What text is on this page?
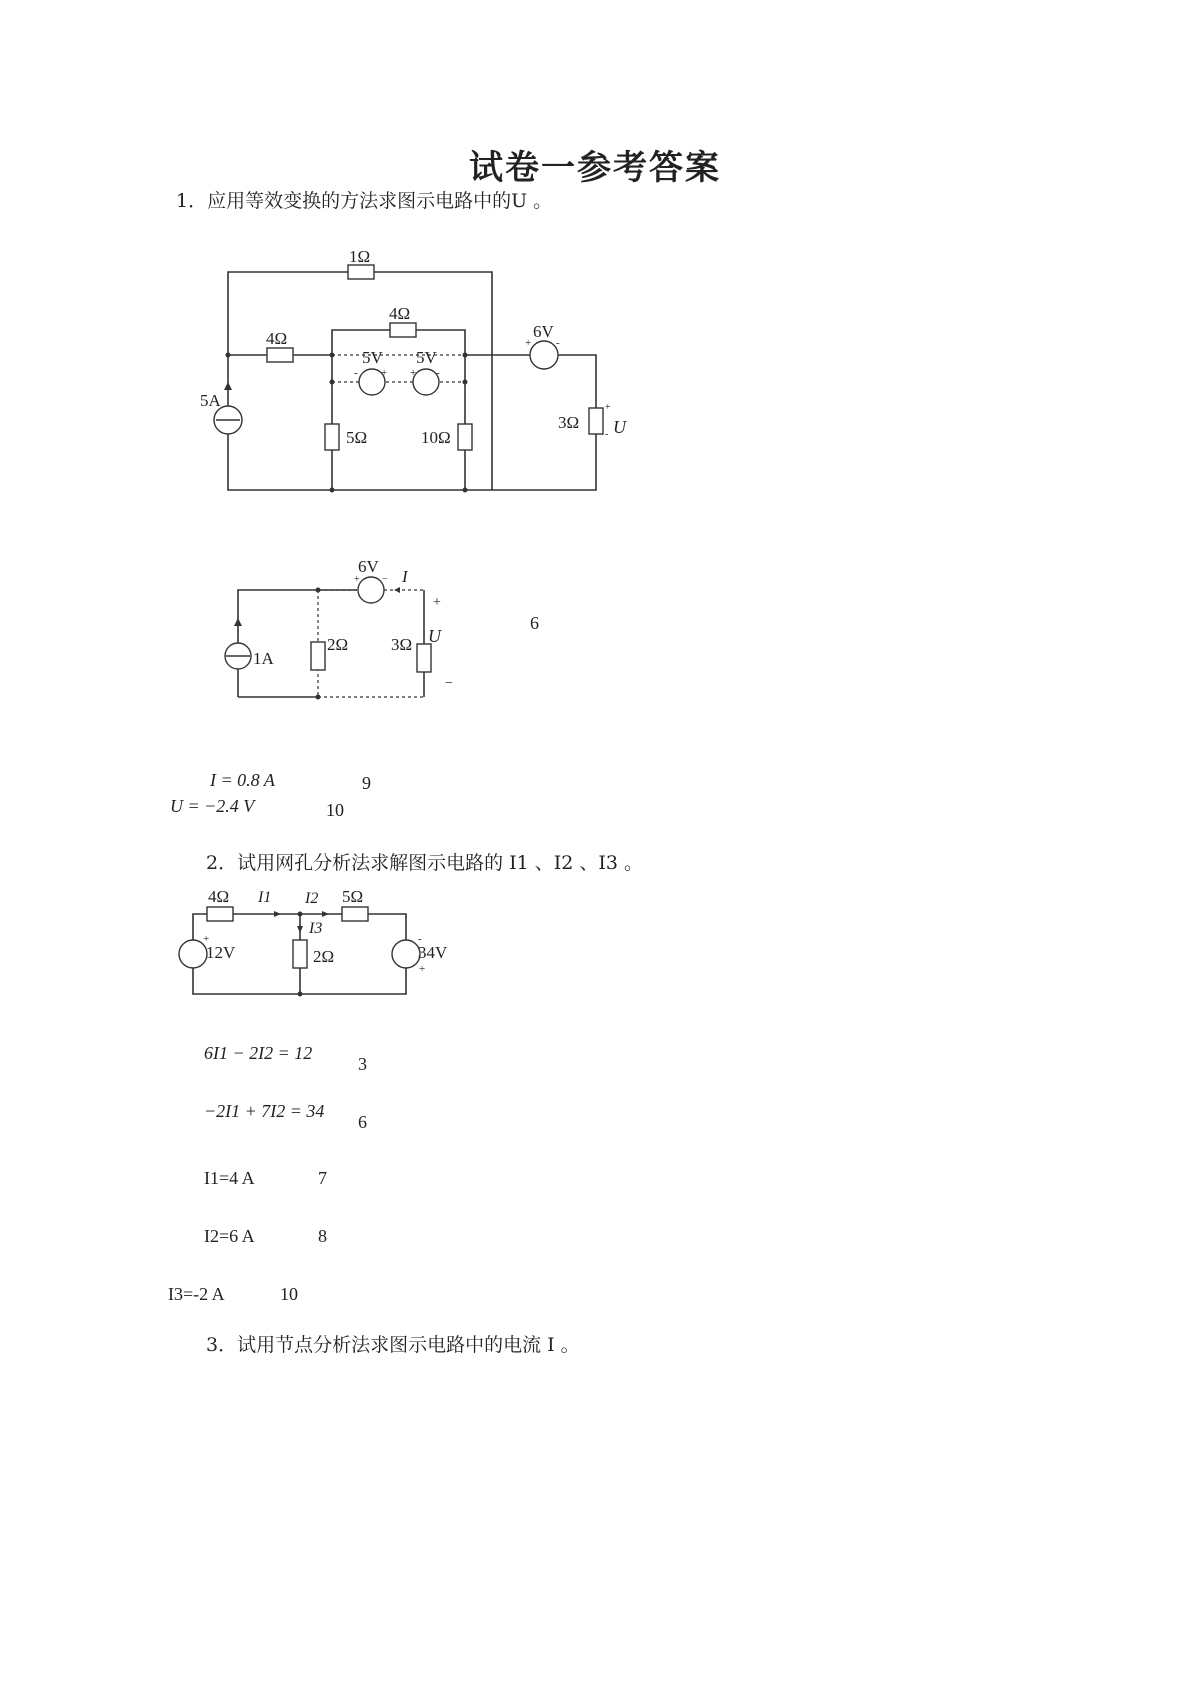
试卷一参考答案
1．应用等效变换的方法求图示电路中的U 。
1Ω
5A
4Ω
4Ω
5V 5V
- + + -
5Ω	10Ω
6V
+ -
3Ω
+
- U
6V
+ − I
1A
2Ω	3Ω
+
U
−
6
I = 0.8 A	9
U = −2.4 V	10
2．试用网孔分析法求解图示电路的 I1 、I2 、I3 。
4Ω I1 I2 5Ω
I3
2Ω
12V
+
34V
-
+
6I1 − 2I2 = 12
3
−2I1 + 7I2 = 34
6
I1=4 A	7
I2=6 A	8
I3=-2 A	10
3．试用节点分析法求图示电路中的电流 I 。
